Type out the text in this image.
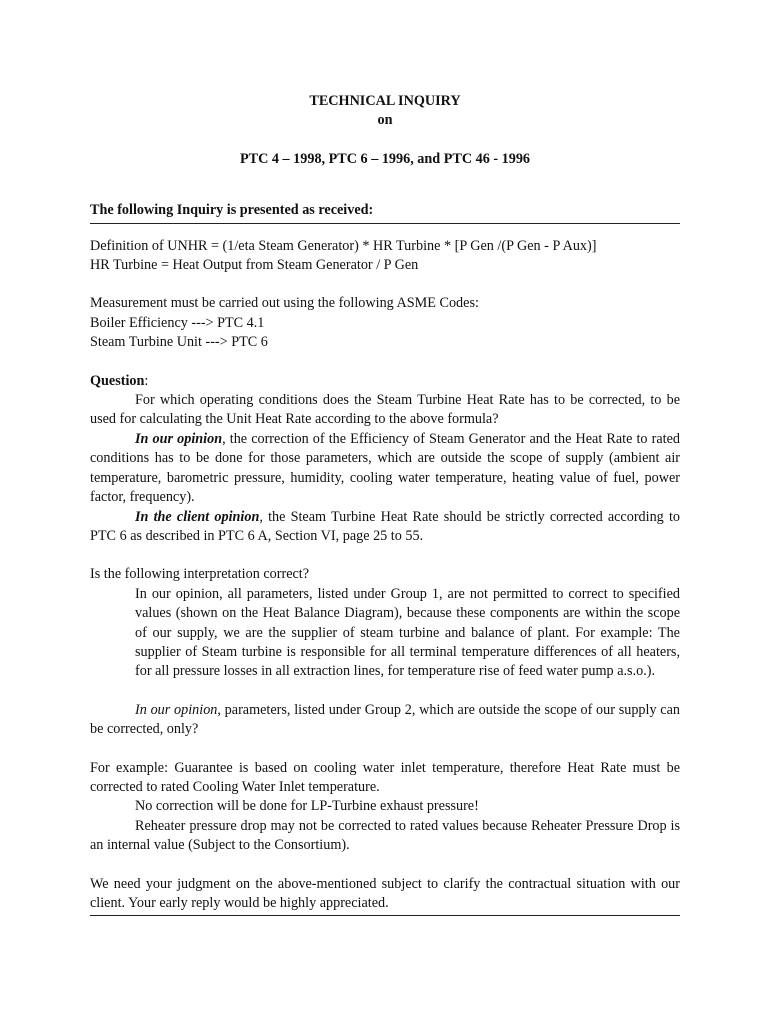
TECHNICAL INQUIRY
on
PTC 4 – 1998, PTC 6 – 1996, and PTC 46 - 1996
The following Inquiry is presented as received:

Definition of UNHR = (1/eta Steam Generator) * HR Turbine * [P Gen /(P Gen - P Aux)]

HR Turbine = Heat Output from Steam Generator / P Gen

Measurement must be carried out using the following ASME Codes:

Boiler Efficiency ---> PTC 4.1

Steam Turbine Unit ---> PTC 6

Question:

For which operating conditions does the Steam Turbine Heat Rate has to be corrected, to be used for calculating the Unit Heat Rate according to the above formula?

In our opinion, the correction of the Efficiency of Steam Generator and the Heat Rate to rated conditions has to be done for those parameters, which are outside the scope of supply (ambient air temperature, barometric pressure, humidity, cooling water temperature, heating value of fuel, power factor, frequency).

In the client opinion, the Steam Turbine Heat Rate should be strictly corrected according to PTC 6 as described in PTC 6 A, Section VI, page 25 to 55.

Is the following interpretation correct?

In our opinion, all parameters, listed under Group 1, are not permitted to correct to specified values (shown on the Heat Balance Diagram), because these components are within the scope of our supply, we are the supplier of steam turbine and balance of plant. For example: The supplier of Steam turbine is responsible for all terminal temperature differences of all heaters, for all pressure losses in all extraction lines, for temperature rise of feed water pump a.s.o.).

In our opinion, parameters, listed under Group 2, which are outside the scope of our supply can be corrected, only?

For example: Guarantee is based on cooling water inlet temperature, therefore Heat Rate must be corrected to rated Cooling Water Inlet temperature.

No correction will be done for LP-Turbine exhaust pressure!

Reheater pressure drop may not be corrected to rated values because Reheater Pressure Drop is an internal value (Subject to the Consortium).

We need your judgment on the above-mentioned subject to clarify the contractual situation with our client. Your early reply would be highly appreciated.
